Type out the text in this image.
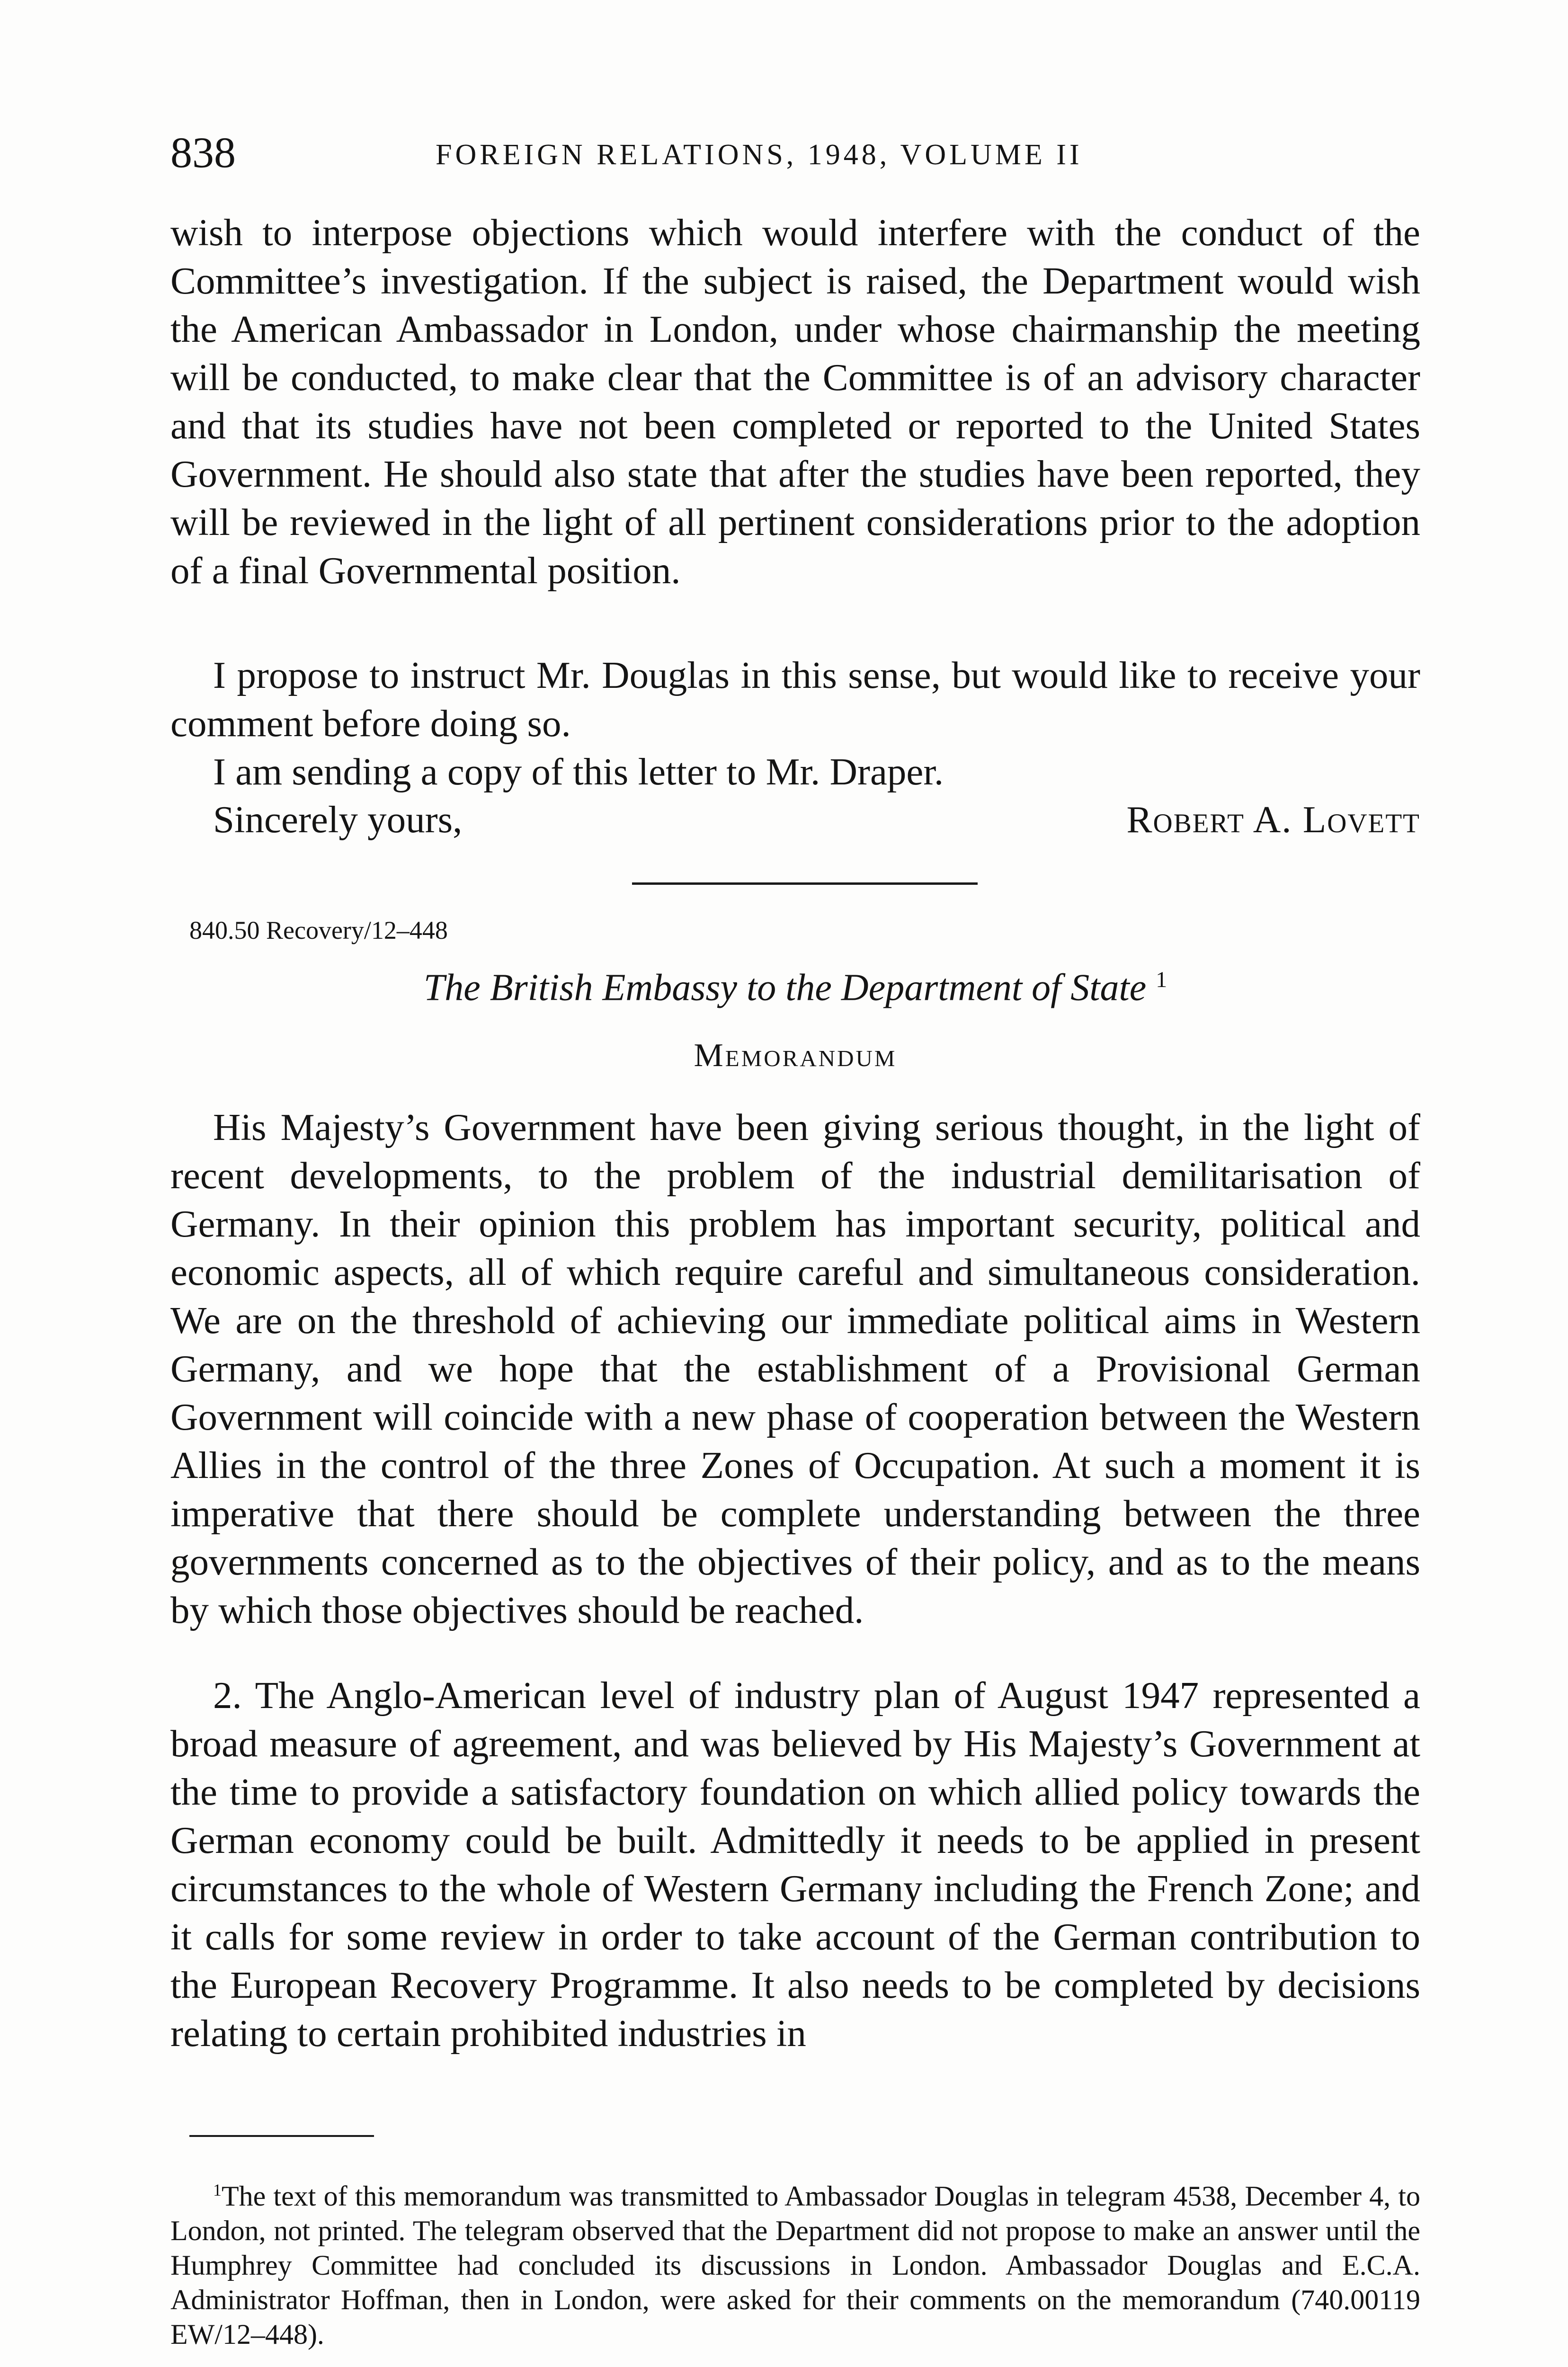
838	FOREIGN RELATIONS, 1948, VOLUME II

wish to interpose objections which would interfere with the conduct of the Committee’s investigation. If the subject is raised, the Department would wish the American Ambassador in London, under whose chairmanship the meeting will be conducted, to make clear that the Committee is of an advisory character and that its studies have not been completed or reported to the United States Government. He should also state that after the studies have been reported, they will be reviewed in the light of all pertinent considerations prior to the adoption of a final Governmental position.

I propose to instruct Mr. Douglas in this sense, but would like to receive your comment before doing so.

I am sending a copy of this letter to Mr. Draper.

Sincerely yours,	Robert A. Lovett
840.50 Recovery/12–448
The British Embassy to the Department of State $^1$
Memorandum

His Majesty’s Government have been giving serious thought, in the light of recent developments, to the problem of the industrial demilitarisation of Germany. In their opinion this problem has important security, political and economic aspects, all of which require careful and simultaneous consideration. We are on the threshold of achieving our immediate political aims in Western Germany, and we hope that the establishment of a Provisional German Government will coincide with a new phase of cooperation between the Western Allies in the control of the three Zones of Occupation. At such a moment it is imperative that there should be complete understanding between the three governments concerned as to the objectives of their policy, and as to the means by which those objectives should be reached.

2. The Anglo-American level of industry plan of August 1947 represented a broad measure of agreement, and was believed by His Majesty’s Government at the time to provide a satisfactory foundation on which allied policy towards the German economy could be built. Admittedly it needs to be applied in present circumstances to the whole of Western Germany including the French Zone; and it calls for some review in order to take account of the German contribution to the European Recovery Programme. It also needs to be completed by decisions relating to certain prohibited industries in

$^1$The text of this memorandum was transmitted to Ambassador Douglas in telegram 4538, December 4, to London, not printed. The telegram observed that the Department did not propose to make an answer until the Humphrey Committee had concluded its discussions in London. Ambassador Douglas and E.C.A. Administrator Hoffman, then in London, were asked for their comments on the memorandum (740.00119 EW/12–448).
